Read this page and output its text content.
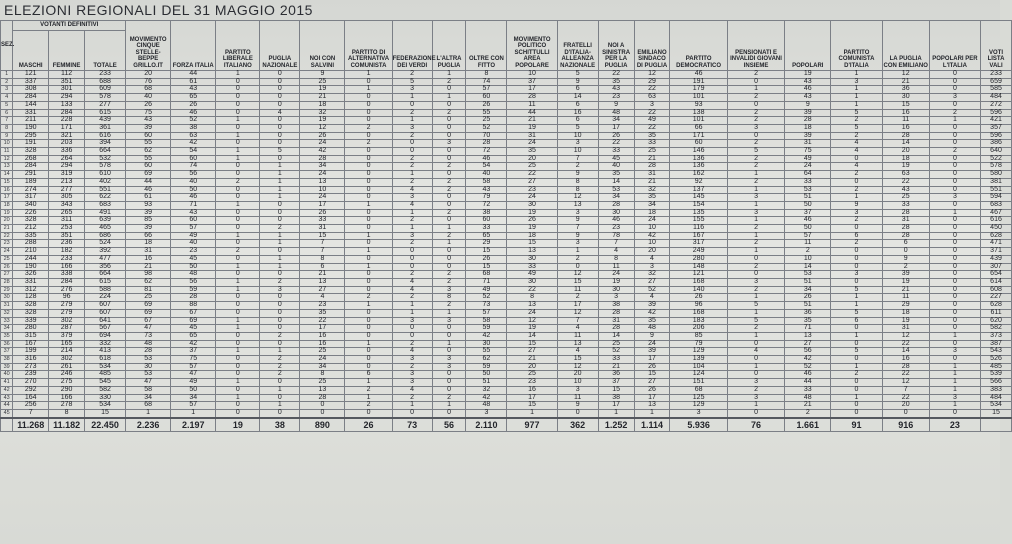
ELEZIONI REGIONALI DEL 31 MAGGIO 2015
SEZ.	VOTANTI DEFINITIVI			MOVIMENTO CINQUE STELLE- BEPPE GRILLO.IT	FORZA ITALIA	PARTITO LIBERALE ITALIANO	PUGLIA NAZIONALE	NOI CON SALVINI	PARTITO DI ALTERNATIVA COMUNISTA	FEDERAZIONE DEI VERDI	L'ALTRA PUGLIA	OLTRE CON FITTO	MOVIMENTO POLITICO SCHITTULLI AREA POPOLARE	FRATELLI D'ITALIA-ALLEANZA NAZIONALE	NOI A SINISTRA PER LA PUGLIA	EMILIANO SINDACO DI PUGLIA	PARTITO DEMOCRATICO	PENSIONATI E INVALIDI GIOVANI INSIEME	POPOLARI	PARTITO COMUNISTA D'ITALIA	LA PUGLIA CON EMILIANO	POPOLARI PER L'ITALIA	VOTI LISTA VALI
	MASCHI	FEMMINE	TOTALE																				
1	121	112	233	20	44	1	0	9	1	2	1	8	10	5	22	12	46	2	19	1	12	0	233
2	337	351	688	76	61	0	0	25	0	5	2	74	37	9	35	29	191	0	43	3	21	0	659
3	308	301	609	68	43	0	0	19	1	3	0	57	17	6	43	22	179	1	46	1	36	0	585
4	284	294	578	40	65	0	0	21	0	1	1	60	28	14	23	63	101	2	43	1	30	3	484
5	144	133	277	26	26	0	0	18	0	0	0	26	11	6	9	3	93	0	9	1	15	0	272
6	331	284	615	75	46	0	4	32	0	2	2	55	44	16	48	22	138	2	39	5	16	2	596
7	211	228	439	43	52	1	0	19	0	1	0	25	21	6	34	49	101	2	28	2	11	1	421
8	190	171	361	39	38	0	0	12	2	3	0	52	19	5	17	22	66	3	18	5	16	0	357
9	295	321	616	60	63	1	0	26	0	2	0	70	31	10	26	35	171	0	39	2	28	0	596
10	191	203	394	55	42	0	0	24	2	0	3	28	24	3	22	33	60	2	31	4	14	0	386
11	328	336	664	62	54	1	5	42	0	0	0	72	35	10	33	25	146	5	75	4	20	2	640
12	268	264	532	55	60	1	0	28	0	2	0	46	20	7	45	21	136	2	49	0	18	0	522
13	284	294	578	60	74	0	1	34	0	2	2	54	25	2	40	28	136	2	24	4	19	0	578
14	291	319	610	69	56	0	1	24	0	1	0	40	22	9	35	31	162	1	64	2	63	0	580
15	189	213	402	44	40	2	1	13	0	2	2	58	27	8	14	21	92	2	33	0	22	0	381
16	274	277	551	46	50	0	1	10	0	4	2	43	23	8	53	32	137	1	53	2	43	0	551
17	317	305	622	61	46	0	1	24	0	3	0	79	24	12	34	35	145	3	51	1	25	3	594
18	340	343	683	93	71	1	0	17	1	4	0	72	30	13	28	34	154	1	50	9	33	0	683
19	226	265	491	39	43	0	0	26	0	1	2	38	19	3	30	18	135	3	37	3	28	1	467
20	328	311	639	85	60	0	0	33	0	2	0	60	26	9	46	24	155	1	46	2	31	0	616
21	212	253	465	39	57	0	2	31	0	1	1	33	19	7	23	10	116	2	50	0	28	0	450
22	335	351	686	66	49	1	1	15	1	3	2	65	18	9	78	42	167	1	57	6	28	0	628
23	288	236	524	18	40	0	1	7	0	2	1	29	15	3	7	10	317	2	11	2	6	0	471
24	210	182	392	31	23	2	0	7	1	0	0	15	13	1	4	20	249	1	2	0	0	0	371
25	244	233	477	16	45	0	1	8	0	0	0	26	30	2	8	4	280	0	10	0	9	0	439
26	190	166	356	21	50	1	1	6	1	0	0	15	33	0	11	3	148	2	14	0	2	0	307
27	326	338	664	98	48	0	0	21	0	2	2	68	49	12	24	32	121	0	53	3	39	0	654
28	331	284	615	62	56	1	2	13	0	4	2	71	30	15	19	27	168	3	51	0	19	0	614
29	312	276	588	81	59	1	3	27	0	4	3	49	22	11	30	52	140	2	34	5	21	0	608
30	128	96	224	25	28	0	0	4	2	2	8	52	8	2	3	4	26	1	26	1	11	0	227
31	328	279	607	69	88	0	0	23	1	1	2	73	13	17	38	39	96	5	51	1	29	0	628
32	328	279	607	69	67	0	0	35	0	1	1	57	24	12	28	42	168	1	36	5	18	0	611
33	339	302	641	67	69	1	0	22	0	3	3	58	12	7	31	35	183	5	35	6	19	0	620
34	280	287	567	47	45	1	0	17	0	0	0	59	19	4	28	48	206	2	71	0	31	0	582
35	315	379	694	73	65	0	2	16	0	0	0	42	14	11	14	9	85	1	13	1	12	1	373
36	167	165	332	48	42	0	0	16	1	2	1	30	15	13	25	24	79	0	27	0	22	0	387
37	199	214	413	28	37	1	1	25	0	4	0	55	27	4	52	39	129	4	56	5	14	3	543
38	316	302	618	53	75	0	2	24	0	3	3	62	21	15	33	17	139	0	42	0	16	0	526
39	273	261	534	30	57	0	2	34	0	2	3	59	20	12	21	26	104	1	52	1	28	1	485
40	239	246	485	53	47	0	2	8	6	3	0	50	25	20	36	15	124	0	46	2	22	1	539
41	270	275	545	47	49	1	0	25	1	3	0	51	23	10	37	27	151	3	44	0	12	1	566
42	292	290	582	58	50	0	1	13	2	4	0	32	16	3	15	26	68	2	33	0	7	1	383
43	164	166	330	34	34	1	0	28	1	2	2	42	17	11	38	17	125	3	48	1	22	3	484
44	256	278	534	68	57	0	1	0	2	1	1	48	15	9	17	13	129	1	21	0	20	1	534
45	7	8	15	1	1	0	0	0	0	0	0	3	1	0	1	1	3	0	2	0	0	0	15
	11.268	11.182	22.450	2.236	2.197	19	38	890	26	73	56	2.110	977	362	1.252	1.114	5.936	76	1.661	91	916	23	
